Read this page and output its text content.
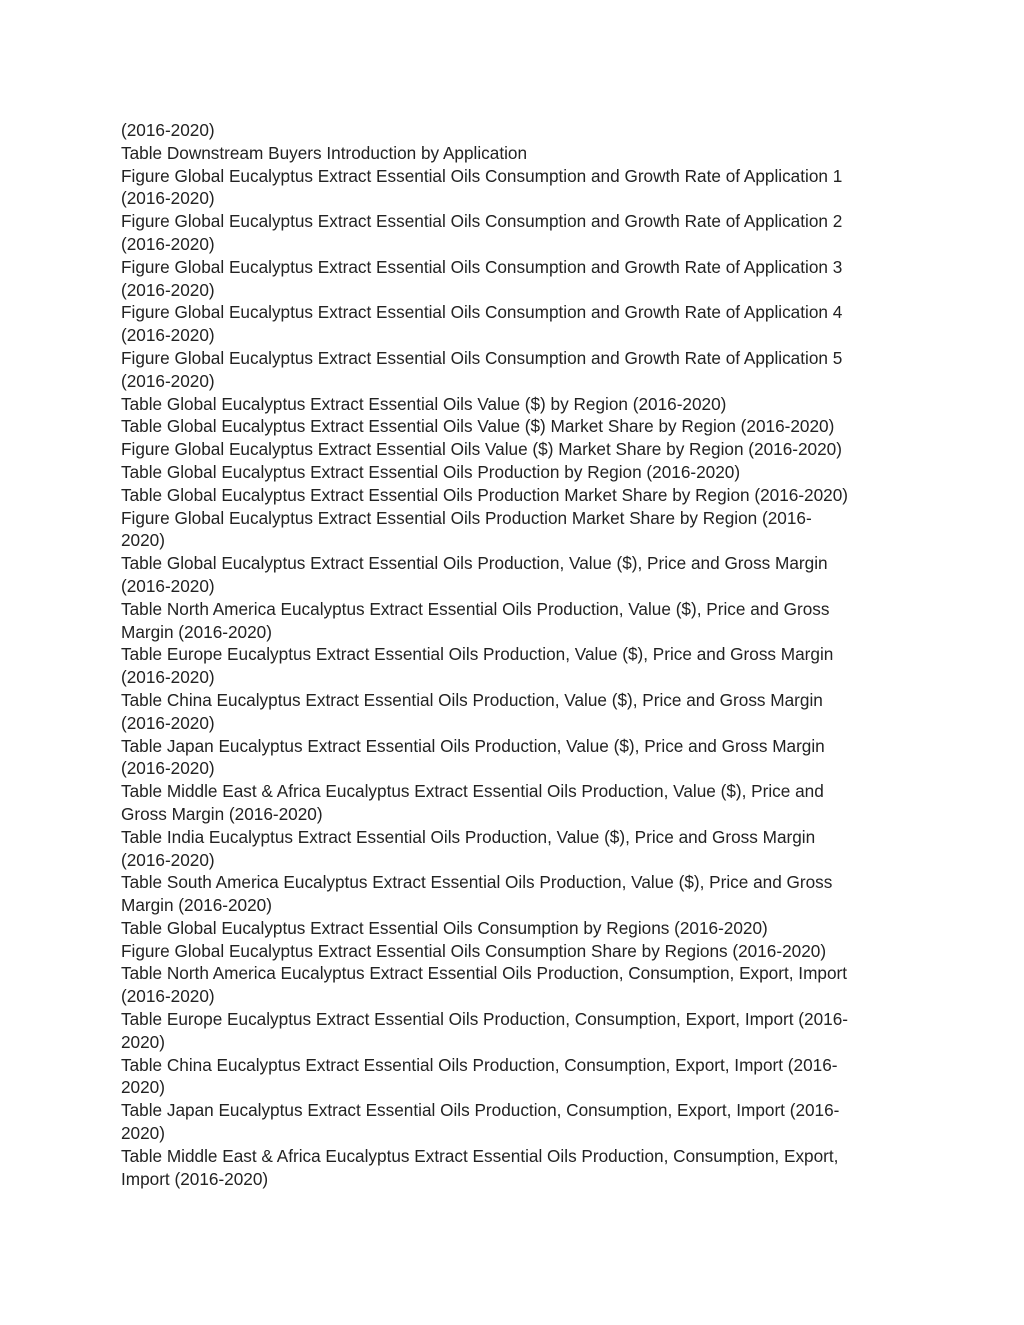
(2016-2020)
Table Downstream Buyers Introduction by Application
Figure Global Eucalyptus Extract Essential Oils Consumption and Growth Rate of Application 1
(2016-2020)
Figure Global Eucalyptus Extract Essential Oils Consumption and Growth Rate of Application 2
(2016-2020)
Figure Global Eucalyptus Extract Essential Oils Consumption and Growth Rate of Application 3
(2016-2020)
Figure Global Eucalyptus Extract Essential Oils Consumption and Growth Rate of Application 4
(2016-2020)
Figure Global Eucalyptus Extract Essential Oils Consumption and Growth Rate of Application 5
(2016-2020)
Table Global Eucalyptus Extract Essential Oils Value ($) by Region (2016-2020)
Table Global Eucalyptus Extract Essential Oils Value ($) Market Share by Region (2016-2020)
Figure Global Eucalyptus Extract Essential Oils Value ($) Market Share by Region (2016-2020)
Table Global Eucalyptus Extract Essential Oils Production by Region (2016-2020)
Table Global Eucalyptus Extract Essential Oils Production Market Share by Region (2016-2020)
Figure Global Eucalyptus Extract Essential Oils Production Market Share by Region (2016-
2020)
Table Global Eucalyptus Extract Essential Oils Production, Value ($), Price and Gross Margin
(2016-2020)
Table North America Eucalyptus Extract Essential Oils Production, Value ($), Price and Gross
Margin (2016-2020)
Table Europe Eucalyptus Extract Essential Oils Production, Value ($), Price and Gross Margin
(2016-2020)
Table China Eucalyptus Extract Essential Oils Production, Value ($), Price and Gross Margin
(2016-2020)
Table Japan Eucalyptus Extract Essential Oils Production, Value ($), Price and Gross Margin
(2016-2020)
Table Middle East & Africa Eucalyptus Extract Essential Oils Production, Value ($), Price and
Gross Margin (2016-2020)
Table India Eucalyptus Extract Essential Oils Production, Value ($), Price and Gross Margin
(2016-2020)
Table South America Eucalyptus Extract Essential Oils Production, Value ($), Price and Gross
Margin (2016-2020)
Table Global Eucalyptus Extract Essential Oils Consumption by Regions (2016-2020)
Figure Global Eucalyptus Extract Essential Oils Consumption Share by Regions (2016-2020)
Table North America Eucalyptus Extract Essential Oils Production, Consumption, Export, Import
(2016-2020)
Table Europe Eucalyptus Extract Essential Oils Production, Consumption, Export, Import (2016-
2020)
Table China Eucalyptus Extract Essential Oils Production, Consumption, Export, Import (2016-
2020)
Table Japan Eucalyptus Extract Essential Oils Production, Consumption, Export, Import (2016-
2020)
Table Middle East & Africa Eucalyptus Extract Essential Oils Production, Consumption, Export,
Import (2016-2020)
